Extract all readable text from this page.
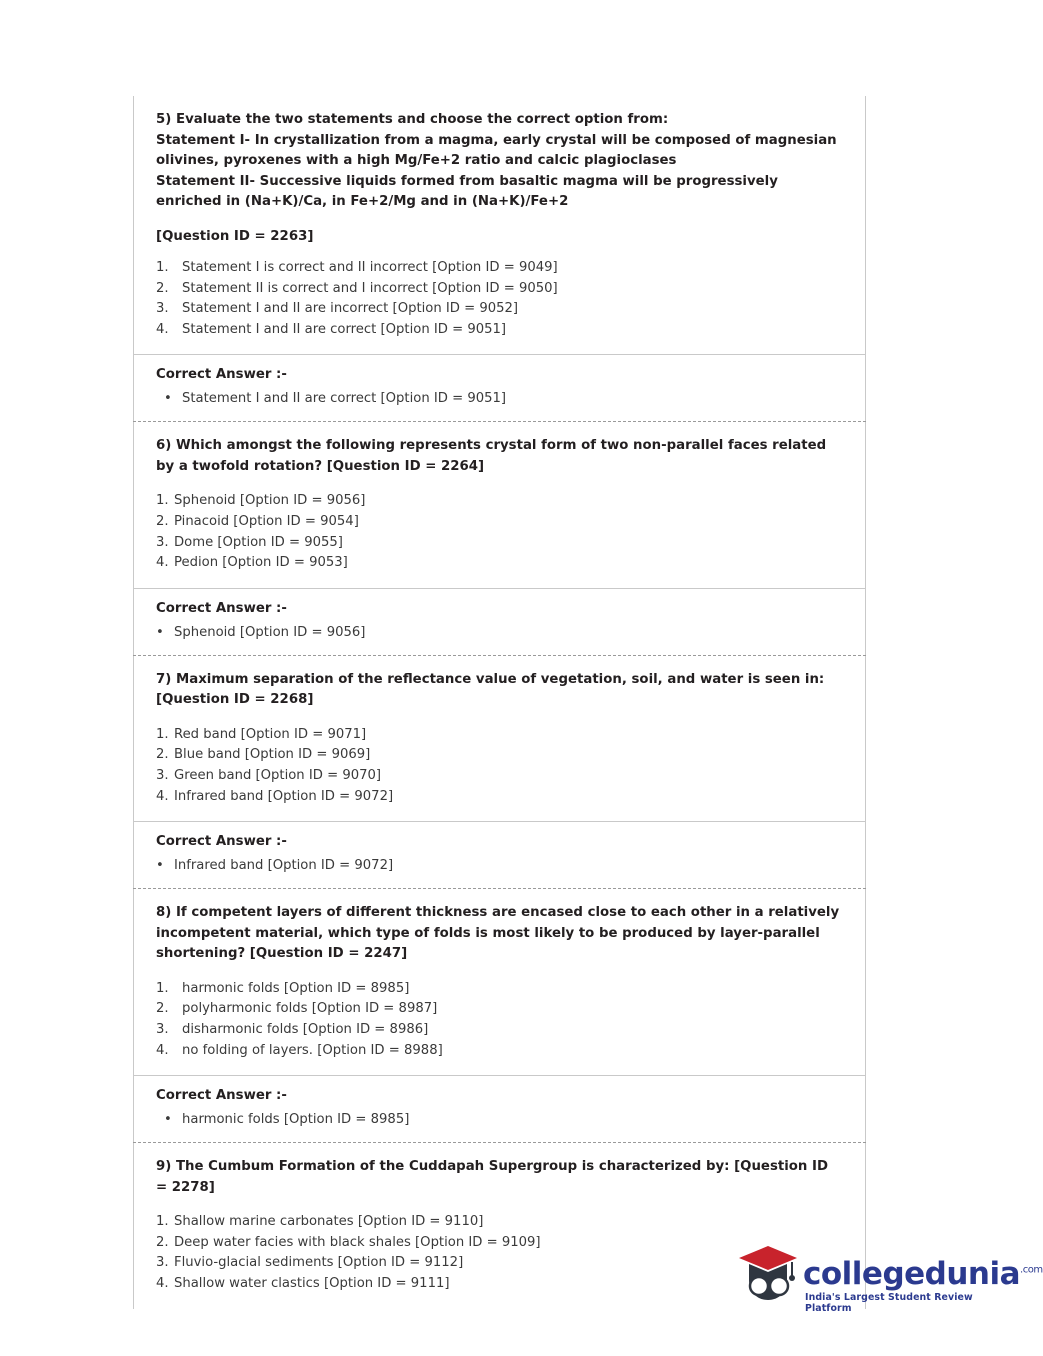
5) Evaluate the two statements and choose the correct option from:
Statement I- In crystallization from a magma, early crystal will be composed of magnesian olivines, pyroxenes with a high Mg/Fe+2 ratio and calcic plagioclases
Statement II- Successive liquids formed from basaltic magma will be progressively enriched in (Na+K)/Ca, in Fe+2/Mg and in (Na+K)/Fe+2
[Question ID = 2263]
1.	Statement I is correct and II incorrect [Option ID = 9049]
2.	Statement II is correct and I incorrect [Option ID = 9050]
3.	Statement I and II are incorrect [Option ID = 9052]
4.	Statement I and II are correct [Option ID = 9051]
Correct Answer :-
• Statement I and II are correct [Option ID = 9051]
6) Which amongst the following represents crystal form of two non-parallel faces related by a twofold rotation? [Question ID = 2264]
1. Sphenoid [Option ID = 9056]
2. Pinacoid [Option ID = 9054]
3. Dome [Option ID = 9055]
4. Pedion [Option ID = 9053]
Correct Answer :-
• Sphenoid [Option ID = 9056]
7) Maximum separation of the reflectance value of vegetation, soil, and water is seen in: [Question ID = 2268]
1. Red band [Option ID = 9071]
2. Blue band [Option ID = 9069]
3. Green band [Option ID = 9070]
4. Infrared band [Option ID = 9072]
Correct Answer :-
• Infrared band [Option ID = 9072]
8) If competent layers of different thickness are encased close to each other in a relatively incompetent material, which type of folds is most likely to be produced by layer-parallel shortening? [Question ID = 2247]
1.	harmonic folds [Option ID = 8985]
2.	polyharmonic folds [Option ID = 8987]
3.	disharmonic folds [Option ID = 8986]
4.	no folding of layers. [Option ID = 8988]
Correct Answer :-
• harmonic folds [Option ID = 8985]
9) The Cumbum Formation of the Cuddapah Supergroup is characterized by: [Question ID = 2278]
1. Shallow marine carbonates [Option ID = 9110]
2. Deep water facies with black shales [Option ID = 9109]
3. Fluvio-glacial sediments [Option ID = 9112]
4. Shallow water clastics [Option ID = 9111]	collegedunia$^{.com}$
India's Largest Student Review Platform
